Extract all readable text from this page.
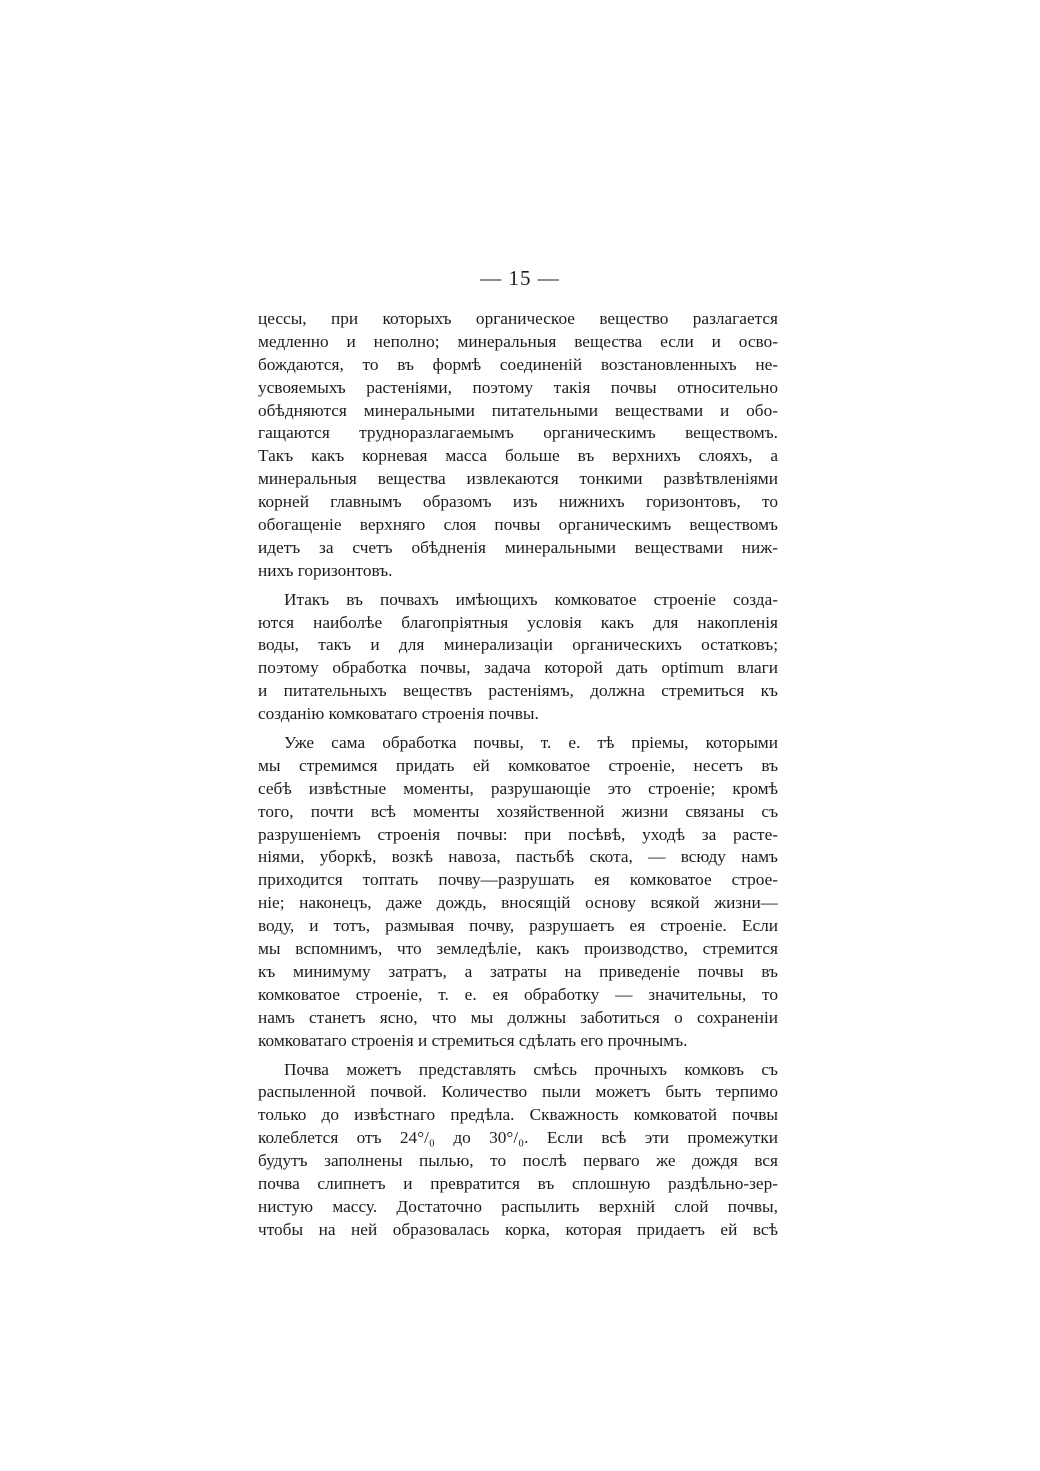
— 15 —
цессы, при которыхъ органическое вещество разлагается
медленно и неполно; минеральныя вещества если и осво-
бождаются, то въ формѣ соединеній возстановленныхъ не-
усвояемыхъ растеніями, поэтому такія почвы относительно
обѣдняются минеральными питательными веществами и обо-
гащаются трудноразлагаемымъ органическимъ веществомъ.
Такъ какъ корневая масса больше въ верхнихъ слояхъ, а
минеральныя вещества извлекаются тонкими развѣтвленіями
корней главнымъ образомъ изъ нижнихъ горизонтовъ, то
обогащеніе верхняго слоя почвы органическимъ веществомъ
идетъ за счетъ обѣдненія минеральными веществами ниж-
нихъ горизонтовъ.
Итакъ въ почвахъ имѣющихъ комковатое строеніе созда-
ются наиболѣе благопріятныя условія какъ для накопленія
воды, такъ и для минерализаціи органическихъ остатковъ;
поэтому обработка почвы, задача которой дать optimum влаги
и питательныхъ веществъ растеніямъ, должна стремиться къ
созданію комковатаго строенія почвы.
Уже сама обработка почвы, т. е. тѣ пріемы, которыми
мы стремимся придать ей комковатое строеніе, несетъ въ
себѣ извѣстные моменты, разрушающіе это строеніе; кромѣ
того, почти всѣ моменты хозяйственной жизни связаны съ
разрушеніемъ строенія почвы: при посѣвѣ, уходѣ за расте-
ніями, уборкѣ, возкѣ навоза, пастьбѣ скота, — всюду намъ
приходится топтать почву—разрушать ея комковатое строе-
ніе; наконецъ, даже дождь, вносящій основу всякой жизни—
воду, и тотъ, размывая почву, разрушаетъ ея строеніе. Если
мы вспомнимъ, что земледѣліе, какъ производство, стремится
къ минимуму затратъ, а затраты на приведеніе почвы въ
комковатое строеніе, т. е. ея обработку — значительны, то
намъ станетъ ясно, что мы должны заботиться о сохраненіи
комковатаго строенія и стремиться сдѣлать его прочнымъ.
Почва можетъ представлять смѣсь прочныхъ комковъ съ
распыленной почвой. Количество пыли можетъ быть терпимо
только до извѣстнаго предѣла. Скважность комковатой почвы
колеблется отъ 24°/₀ до 30°/₀. Если всѣ эти промежутки
будутъ заполнены пылью, то послѣ перваго же дождя вся
почва слипнетъ и превратится въ сплошную раздѣльно-зер-
нистую массу. Достаточно распылить верхній слой почвы,
чтобы на ней образовалась корка, которая придаетъ ей всѣ
